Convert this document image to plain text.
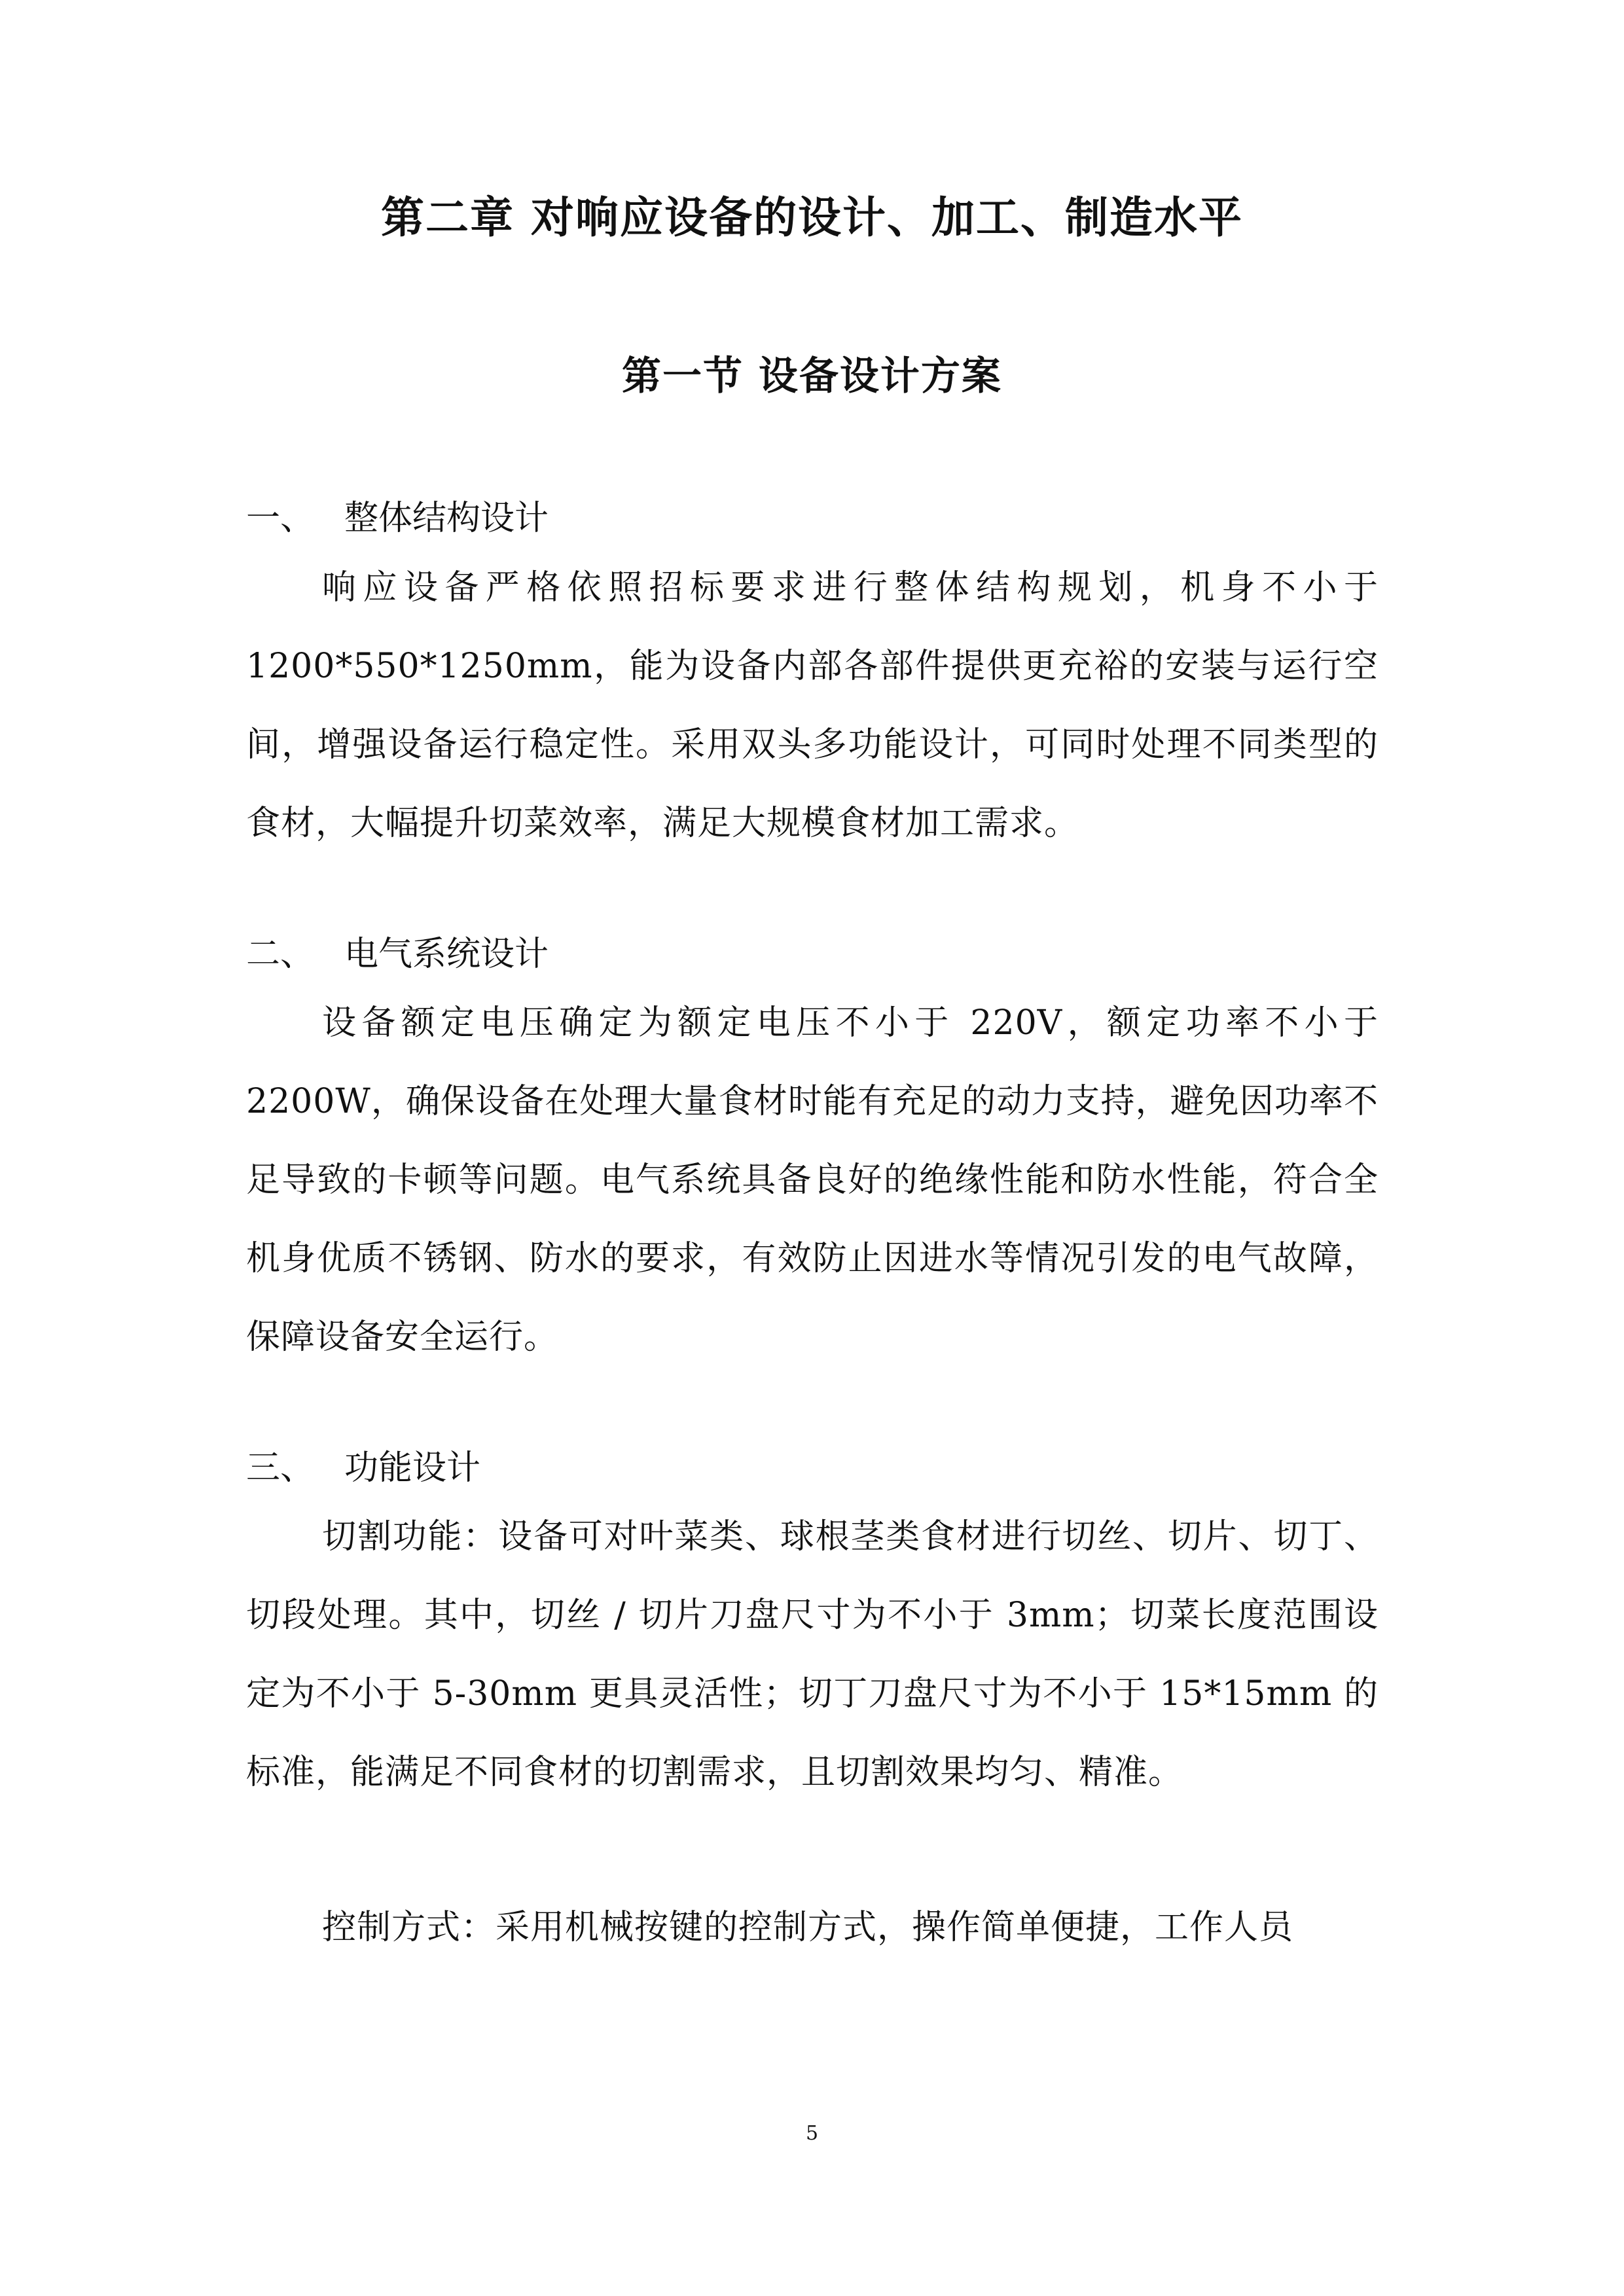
第二章 对响应设备的设计、加工、制造水平
第一节 设备设计方案
一、 整体结构设计
响应设备严格依照招标要求进行整体结构规划，机身不小于 1200*550*1250mm，能为设备内部各部件提供更充裕的安装与运行空间，增强设备运行稳定性。采用双头多功能设计，可同时处理不同类型的食材，大幅提升切菜效率，满足大规模食材加工需求。
二、 电气系统设计
设备额定电压确定为额定电压不小于 220V，额定功率不小于 2200W，确保设备在处理大量食材时能有充足的动力支持，避免因功率不足导致的卡顿等问题。电气系统具备良好的绝缘性能和防水性能，符合全机身优质不锈钢、防水的要求，有效防止因进水等情况引发的电气故障，保障设备安全运行。
三、 功能设计
切割功能：设备可对叶菜类、球根茎类食材进行切丝、切片、切丁、切段处理。其中，切丝 / 切片刀盘尺寸为不小于 3mm；切菜长度范围设定为不小于 5-30mm 更具灵活性；切丁刀盘尺寸为不小于 15*15mm 的标准，能满足不同食材的切割需求，且切割效果均匀、精准。
控制方式：采用机械按键的控制方式，操作简单便捷，工作人员
5
